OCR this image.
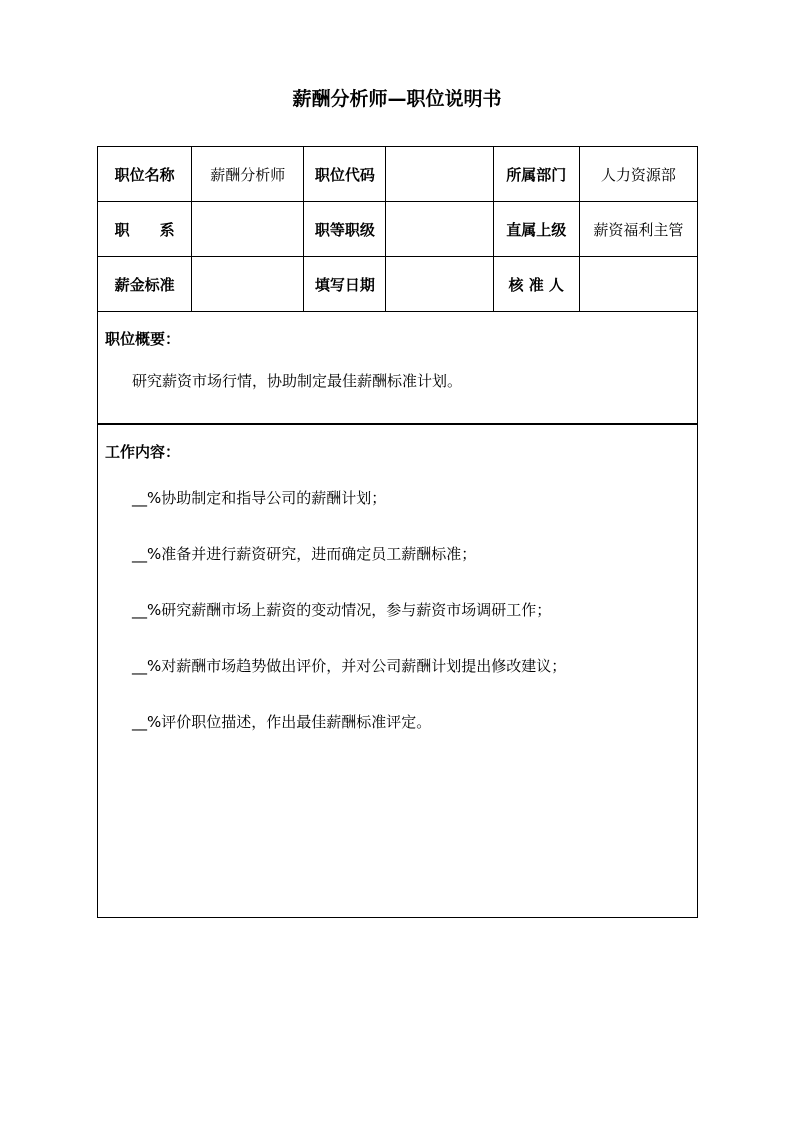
薪酬分析师—职位说明书
职位名称	薪酬分析师	职位代码		所属部门	人力资源部
职　　系		职等职级		直属上级	薪资福利主管
薪金标准		填写日期		核 准 人	
职位概要：
研究薪资市场行情，协助制定最佳薪酬标准计划。
工作内容：
__%协助制定和指导公司的薪酬计划；
__%准备并进行薪资研究，进而确定员工薪酬标准；
__%研究薪酬市场上薪资的变动情况，参与薪资市场调研工作；
__%对薪酬市场趋势做出评价，并对公司薪酬计划提出修改建议；
__%评价职位描述，作出最佳薪酬标准评定。
